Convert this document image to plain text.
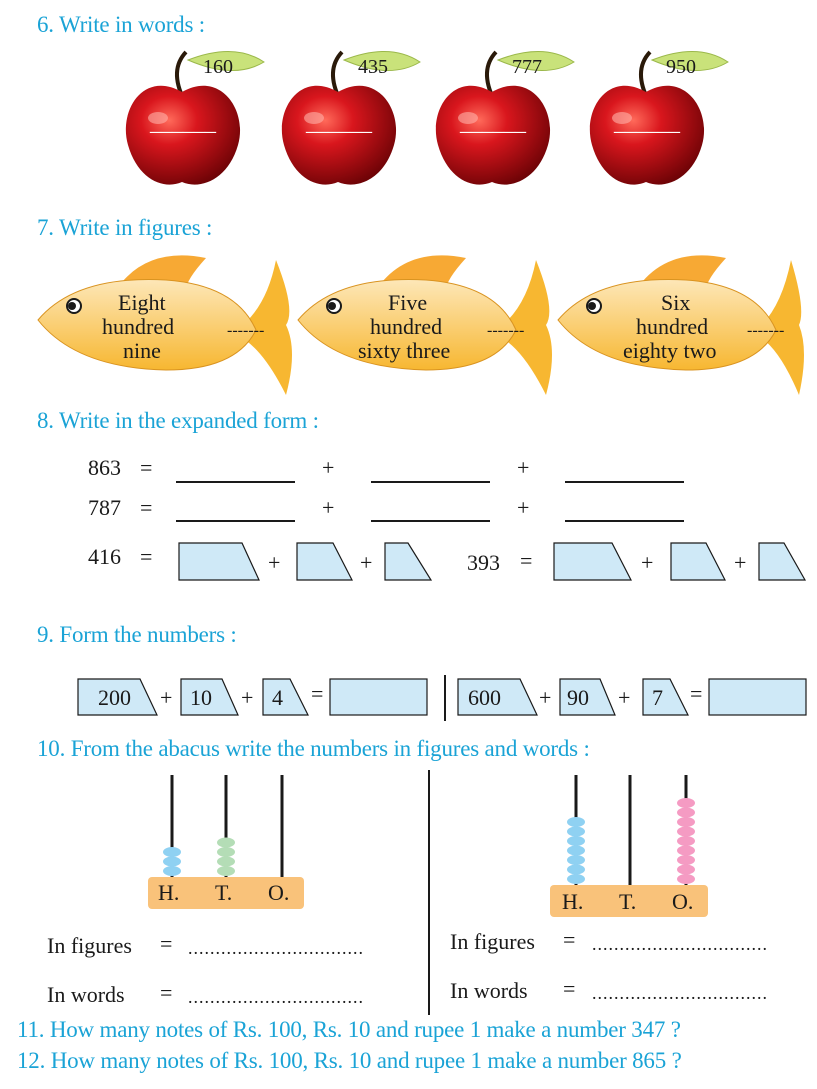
6. Write in words :
160	435	777	950
______	______	______	______
7. Write in figures :
Eight
hundred
nine
-------
Five
hundred
sixty three
-------
Six
hundred
eighty two
-------
8. Write in the expanded form :
863 =	+	+
787 =	+	+
416 =	+	+	393 =	+	+
9. Form the numbers :
200 + 10 + 4 =	600 + 90 + 7 =
10. From the abacus write the numbers in figures and words :
H. T. O.	H. T. O.
In figures = ................................
In words = ................................
In figures = ................................
In words = ................................
11. How many notes of Rs. 100, Rs. 10 and rupee 1 make a number 347 ?
12. How many notes of Rs. 100, Rs. 10 and rupee 1 make a number 865 ?
